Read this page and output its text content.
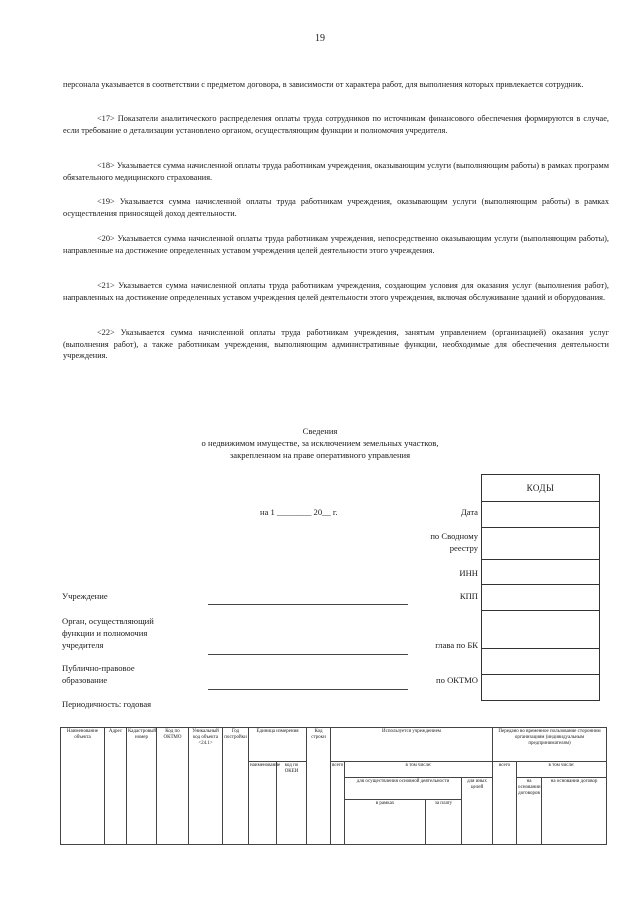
19

персонала указывается в соответствии с предметом договора, в зависимости от характера работ, для выполнения которых привлекается сотрудник.

<17> Показатели аналитического распределения оплаты труда сотрудников по источникам финансового обеспечения формируются в случае, если требование о детализации установлено органом, осуществляющим функции и полномочия учредителя.

<18> Указывается сумма начисленной оплаты труда работникам учреждения, оказывающим услуги (выполняющим работы) в рамках программ обязательного медицинского страхования.

<19> Указывается сумма начисленной оплаты труда работникам учреждения, оказывающим услуги (выполняющим работы) в рамках осуществления приносящей доход деятельности.

<20> Указывается сумма начисленной оплаты труда работникам учреждения, непосредственно оказывающим услуги (выполняющим работы), направленные на достижение определенных уставом учреждения целей деятельности этого учреждения.

<21> Указывается сумма начисленной оплаты труда работникам учреждения, создающим условия для оказания услуг (выполнения работ), направленных на достижение определенных уставом учреждения целей деятельности этого учреждения, включая обслуживание зданий и оборудования.

<22> Указывается сумма начисленной оплаты труда работникам учреждения, занятым управлением (организацией) оказания услуг (выполнения работ), а также работникам учреждения, выполняющим административные функции, необходимые для обеспечения деятельности учреждения.

Сведения
о недвижимом имуществе, за исключением земельных участков,
закрепленном на праве оперативного управления
КОДЫ
на 1 ________ 20__ г.	Дата
по Сводному
реестру
ИНН
КПП
глава по БК
по ОКТМО
Учреждение
Орган, осуществляющий
функции и полномочия
учредителя
Публично-правовое
образование
Периодичность: годовая
Наименование объекта	Адрес	Кадастровый номер	Код по ОКТМО	Уникальный код объекта <24.1>	Год постройки	Единица измерения		Код строки	Используется учреждением				Передано во временное пользование сторонним организациям (индивидуальным предпринимателям)			
						наименование	код по ОКЕИ		всего	в том числе:			всего	в том числе:		
										для осуществления основной деятельности		для иных целей		на основании договоров	на основании договор	
										в рамках	за плату	
